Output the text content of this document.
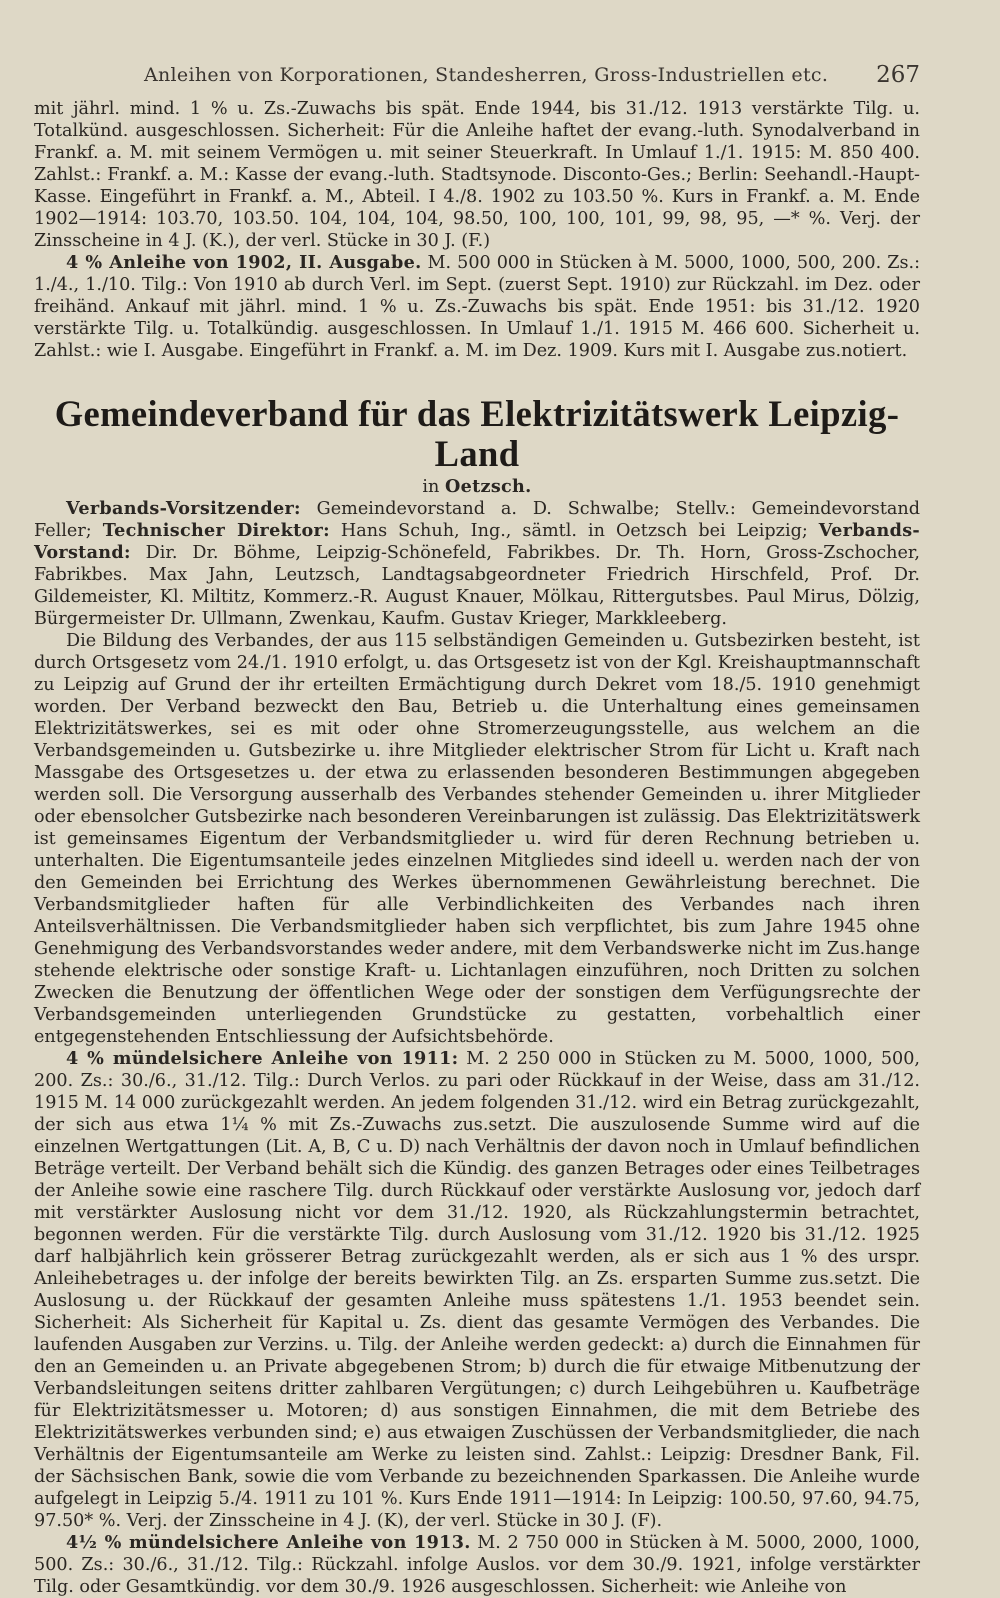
Anleihen von Korporationen, Standesherren, Gross-Industriellen etc. 267

mit jährl. mind. 1 % u. Zs.-Zuwachs bis spät. Ende 1944, bis 31./12. 1913 verstärkte Tilg. u. Totalkünd. ausgeschlossen. Sicherheit: Für die Anleihe haftet der evang.-luth. Synodalverband in Frankf. a. M. mit seinem Vermögen u. mit seiner Steuerkraft. In Umlauf 1./1. 1915: M. 850 400. Zahlst.: Frankf. a. M.: Kasse der evang.-luth. Stadtsynode. Disconto-Ges.; Berlin: Seehandl.-Haupt-Kasse. Eingeführt in Frankf. a. M., Abteil. I 4./8. 1902 zu 103.50 %. Kurs in Frankf. a. M. Ende 1902—1914: 103.70, 103.50. 104, 104, 104, 98.50, 100, 100, 101, 99, 98, 95, —* %. Verj. der Zinsscheine in 4 J. (K.), der verl. Stücke in 30 J. (F.)

4 % Anleihe von 1902, II. Ausgabe. M. 500 000 in Stücken à M. 5000, 1000, 500, 200. Zs.: 1./4., 1./10. Tilg.: Von 1910 ab durch Verl. im Sept. (zuerst Sept. 1910) zur Rückzahl. im Dez. oder freihänd. Ankauf mit jährl. mind. 1 % u. Zs.-Zuwachs bis spät. Ende 1951: bis 31./12. 1920 verstärkte Tilg. u. Totalkündig. ausgeschlossen. In Umlauf 1./1. 1915 M. 466 600. Sicherheit u. Zahlst.: wie I. Ausgabe. Eingeführt in Frankf. a. M. im Dez. 1909. Kurs mit I. Ausgabe zus.notiert.

Gemeindeverband für das Elektrizitätswerk Leipzig-Land

in Oetzsch.

Verbands-Vorsitzender: Gemeindevorstand a. D. Schwalbe; Stellv.: Gemeindevorstand Feller; Technischer Direktor: Hans Schuh, Ing., sämtl. in Oetzsch bei Leipzig; Verbands-Vorstand: Dir. Dr. Böhme, Leipzig-Schönefeld, Fabrikbes. Dr. Th. Horn, Gross-Zschocher, Fabrikbes. Max Jahn, Leutzsch, Landtagsabgeordneter Friedrich Hirschfeld, Prof. Dr. Gildemeister, Kl. Miltitz, Kommerz.-R. August Knauer, Mölkau, Rittergutsbes. Paul Mirus, Dölzig, Bürgermeister Dr. Ullmann, Zwenkau, Kaufm. Gustav Krieger, Markkleeberg.

Die Bildung des Verbandes, der aus 115 selbständigen Gemeinden u. Gutsbezirken besteht, ist durch Ortsgesetz vom 24./1. 1910 erfolgt, u. das Ortsgesetz ist von der Kgl. Kreishauptmannschaft zu Leipzig auf Grund der ihr erteilten Ermächtigung durch Dekret vom 18./5. 1910 genehmigt worden. Der Verband bezweckt den Bau, Betrieb u. die Unterhaltung eines gemeinsamen Elektrizitätswerkes, sei es mit oder ohne Stromerzeugungsstelle, aus welchem an die Verbandsgemeinden u. Gutsbezirke u. ihre Mitglieder elektrischer Strom für Licht u. Kraft nach Massgabe des Ortsgesetzes u. der etwa zu erlassenden besonderen Bestimmungen abgegeben werden soll. Die Versorgung ausserhalb des Verbandes stehender Gemeinden u. ihrer Mitglieder oder ebensolcher Gutsbezirke nach besonderen Vereinbarungen ist zulässig. Das Elektrizitätswerk ist gemeinsames Eigentum der Verbandsmitglieder u. wird für deren Rechnung betrieben u. unterhalten. Die Eigentumsanteile jedes einzelnen Mitgliedes sind ideell u. werden nach der von den Gemeinden bei Errichtung des Werkes übernommenen Gewährleistung berechnet. Die Verbandsmitglieder haften für alle Verbindlichkeiten des Verbandes nach ihren Anteilsverhältnissen. Die Verbandsmitglieder haben sich verpflichtet, bis zum Jahre 1945 ohne Genehmigung des Verbandsvorstandes weder andere, mit dem Verbandswerke nicht im Zus.hange stehende elektrische oder sonstige Kraft- u. Lichtanlagen einzuführen, noch Dritten zu solchen Zwecken die Benutzung der öffentlichen Wege oder der sonstigen dem Verfügungsrechte der Verbandsgemeinden unterliegenden Grundstücke zu gestatten, vorbehaltlich einer entgegenstehenden Entschliessung der Aufsichtsbehörde.

4 % mündelsichere Anleihe von 1911: M. 2 250 000 in Stücken zu M. 5000, 1000, 500, 200. Zs.: 30./6., 31./12. Tilg.: Durch Verlos. zu pari oder Rückkauf in der Weise, dass am 31./12. 1915 M. 14 000 zurückgezahlt werden. An jedem folgenden 31./12. wird ein Betrag zurückgezahlt, der sich aus etwa 1¼ % mit Zs.-Zuwachs zus.setzt. Die auszulosende Summe wird auf die einzelnen Wertgattungen (Lit. A, B, C u. D) nach Verhältnis der davon noch in Umlauf befindlichen Beträge verteilt. Der Verband behält sich die Kündig. des ganzen Betrages oder eines Teilbetrages der Anleihe sowie eine raschere Tilg. durch Rückkauf oder verstärkte Auslosung vor, jedoch darf mit verstärkter Auslosung nicht vor dem 31./12. 1920, als Rückzahlungstermin betrachtet, begonnen werden. Für die verstärkte Tilg. durch Auslosung vom 31./12. 1920 bis 31./12. 1925 darf halbjährlich kein grösserer Betrag zurückgezahlt werden, als er sich aus 1 % des urspr. Anleihebetrages u. der infolge der bereits bewirkten Tilg. an Zs. ersparten Summe zus.setzt. Die Auslosung u. der Rückkauf der gesamten Anleihe muss spätestens 1./1. 1953 beendet sein. Sicherheit: Als Sicherheit für Kapital u. Zs. dient das gesamte Vermögen des Verbandes. Die laufenden Ausgaben zur Verzins. u. Tilg. der Anleihe werden gedeckt: a) durch die Einnahmen für den an Gemeinden u. an Private abgegebenen Strom; b) durch die für etwaige Mitbenutzung der Verbandsleitungen seitens dritter zahlbaren Vergütungen; c) durch Leihgebühren u. Kaufbeträge für Elektrizitätsmesser u. Motoren; d) aus sonstigen Einnahmen, die mit dem Betriebe des Elektrizitätswerkes verbunden sind; e) aus etwaigen Zuschüssen der Verbandsmitglieder, die nach Verhältnis der Eigentumsanteile am Werke zu leisten sind. Zahlst.: Leipzig: Dresdner Bank, Fil. der Sächsischen Bank, sowie die vom Verbande zu bezeichnenden Sparkassen. Die Anleihe wurde aufgelegt in Leipzig 5./4. 1911 zu 101 %. Kurs Ende 1911—1914: In Leipzig: 100.50, 97.60, 94.75, 97.50* %. Verj. der Zinsscheine in 4 J. (K), der verl. Stücke in 30 J. (F).

4½ % mündelsichere Anleihe von 1913. M. 2 750 000 in Stücken à M. 5000, 2000, 1000, 500. Zs.: 30./6., 31./12. Tilg.: Rückzahl. infolge Auslos. vor dem 30./9. 1921, infolge verstärkter Tilg. oder Gesamtkündig. vor dem 30./9. 1926 ausgeschlossen. Sicherheit: wie Anleihe von
